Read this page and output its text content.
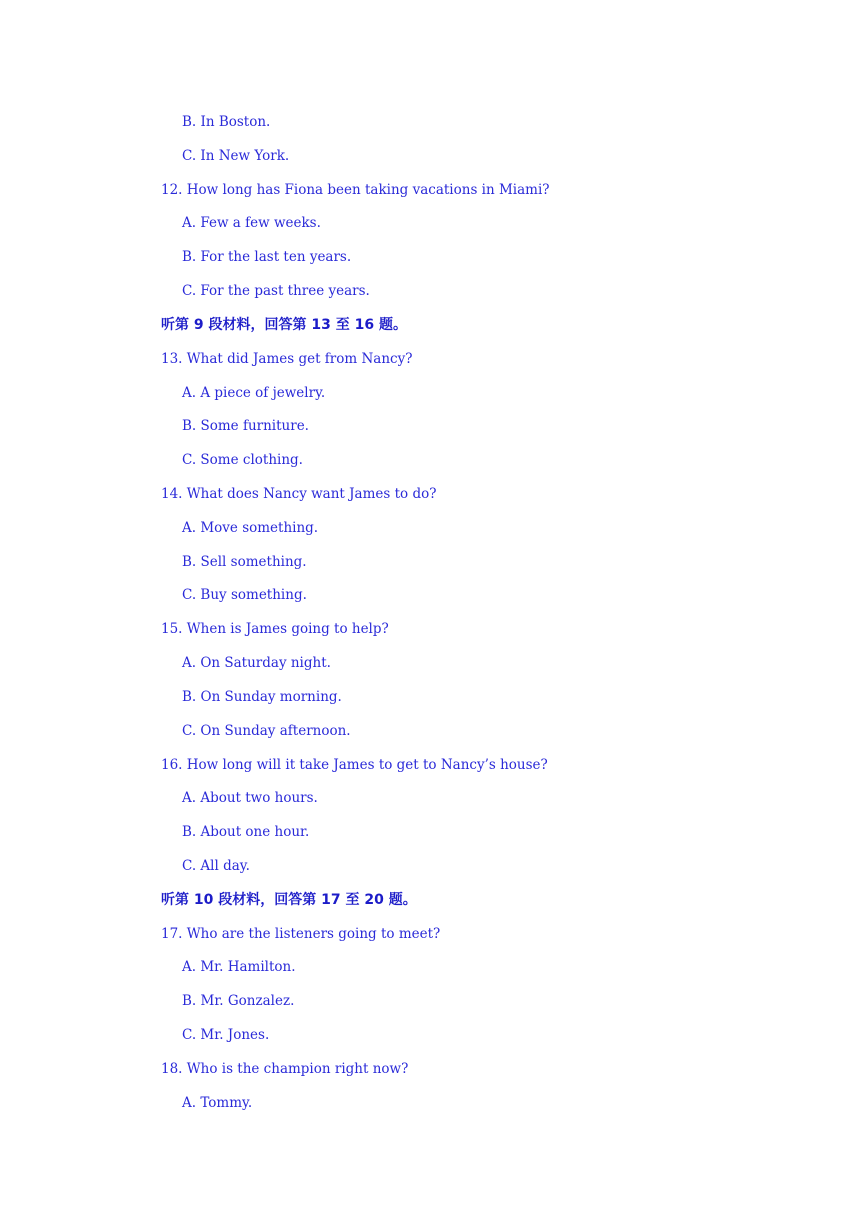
B. In Boston.
C. In New York.
12. How long has Fiona been taking vacations in Miami?
A. Few a few weeks.
B. For the last ten years.
C. For the past three years.
听第 9 段材料，回答第 13 至 16 题。
13. What did James get from Nancy?
A. A piece of jewelry.
B. Some furniture.
C. Some clothing.
14. What does Nancy want James to do?
A. Move something.
B. Sell something.
C. Buy something.
15. When is James going to help?
A. On Saturday night.
B. On Sunday morning.
C. On Sunday afternoon.
16. How long will it take James to get to Nancy’s house?
A. About two hours.
B. About one hour.
C. All day.
听第 10 段材料，回答第 17 至 20 题。
17. Who are the listeners going to meet?
A. Mr. Hamilton.
B. Mr. Gonzalez.
C. Mr. Jones.
18. Who is the champion right now?
A. Tommy.
